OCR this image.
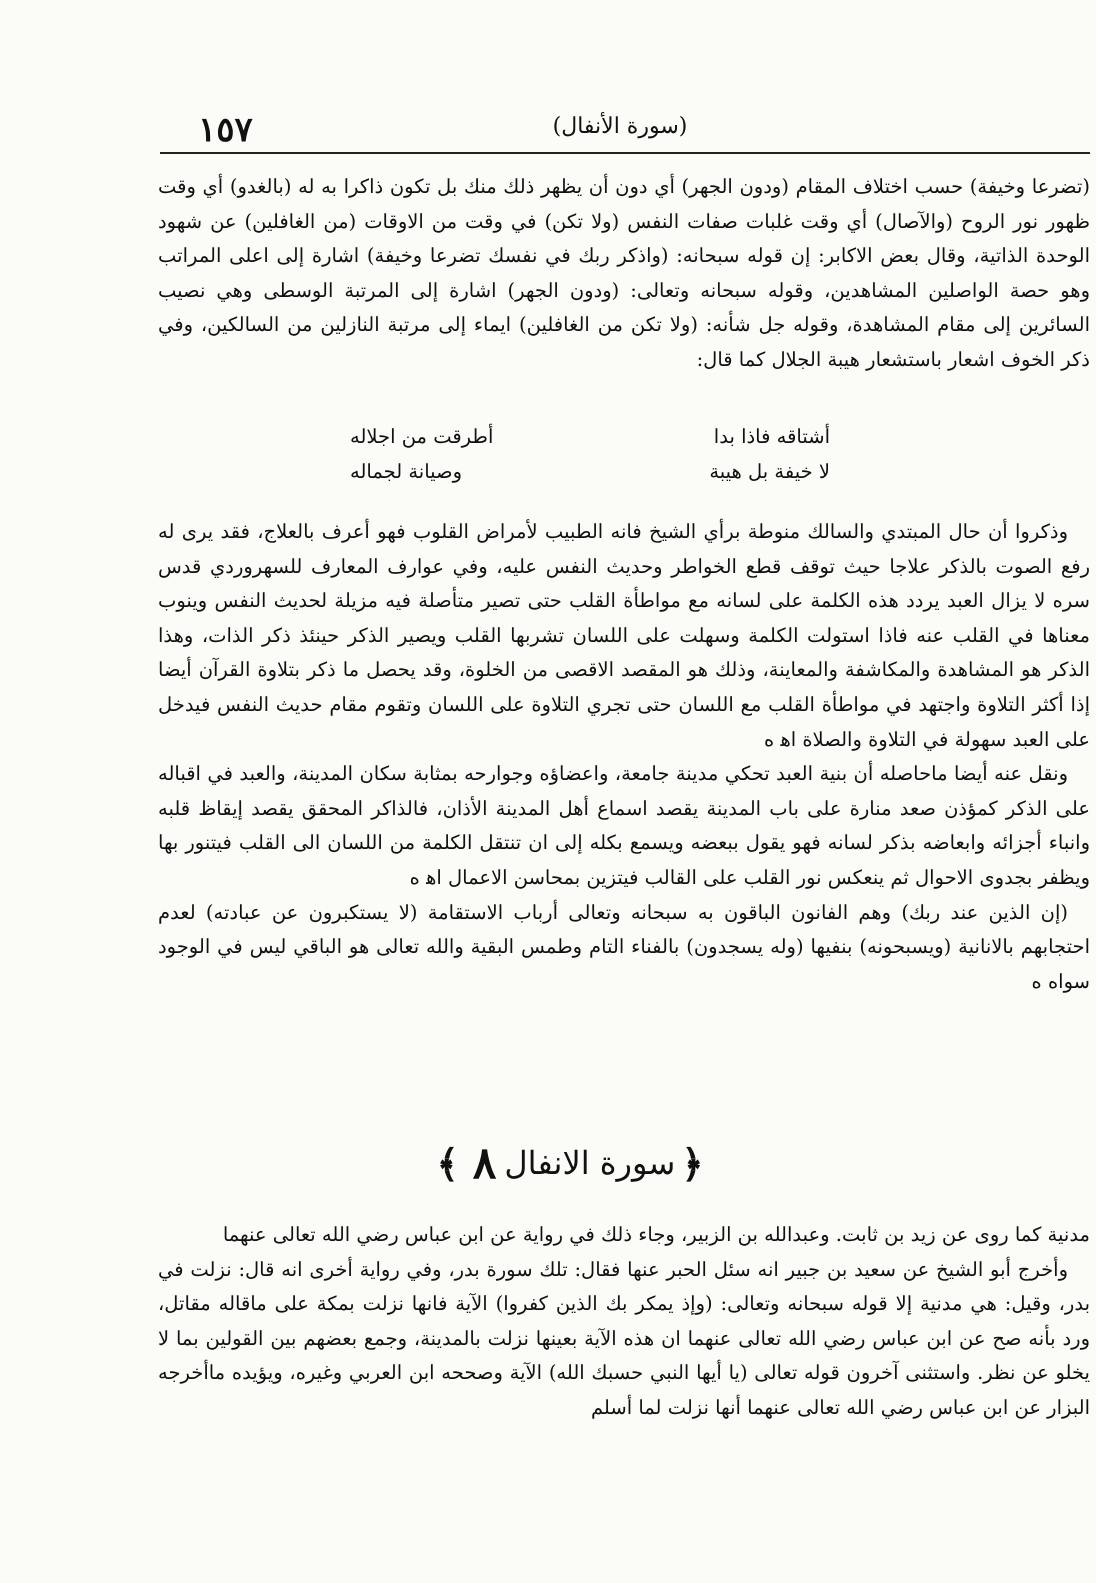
١٥٧	(سورة الأنفال)

(تضرعا وخيفة) حسب اختلاف المقام (ودون الجهر) أي دون أن يظهر ذلك منك بل تكون ذاكرا به له (بالغدو) أي وقت ظهور نور الروح (والآصال) أي وقت غلبات صفات النفس (ولا تكن) في وقت من الاوقات (من الغافلين) عن شهود الوحدة الذاتية، وقال بعض الاكابر: إن قوله سبحانه: (واذكر ربك في نفسك تضرعا وخيفة) اشارة إلى اعلى المراتب وهو حصة الواصلين المشاهدين، وقوله سبحانه وتعالى: (ودون الجهر) اشارة إلى المرتبة الوسطى وهي نصيب السائرين إلى مقام المشاهدة، وقوله جل شأنه: (ولا تكن من الغافلين) ايماء إلى مرتبة النازلين من السالكين، وفي ذكر الخوف اشعار باستشعار هيبة الجلال كما قال:

أشتاقه فاذا بدا
أطرقت من اجلاله
لا خيفة بل هيبة
وصيانة لجماله

وذكروا أن حال المبتدي والسالك منوطة برأي الشيخ فانه الطبيب لأمراض القلوب فهو أعرف بالعلاج، فقد يرى له رفع الصوت بالذكر علاجا حيث توقف قطع الخواطر وحديث النفس عليه، وفي عوارف المعارف للسهروردي قدس سره لا يزال العبد يردد هذه الكلمة على لسانه مع مواطأة القلب حتى تصير متأصلة فيه مزيلة لحديث النفس وينوب معناها في القلب عنه فاذا استولت الكلمة وسهلت على اللسان تشربها القلب ويصير الذكر حينئذ ذكر الذات، وهذا الذكر هو المشاهدة والمكاشفة والمعاينة، وذلك هو المقصد الاقصى من الخلوة، وقد يحصل ما ذكر بتلاوة القرآن أيضا إذا أكثر التلاوة واجتهد في مواطأة القلب مع اللسان حتى تجري التلاوة على اللسان وتقوم مقام حديث النفس فيدخل على العبد سهولة في التلاوة والصلاة اه‍ ه

ونقل عنه أيضا ماحاصله أن بنية العبد تحكي مدينة جامعة، واعضاؤه وجوارحه بمثابة سكان المدينة، والعبد في اقباله على الذكر كمؤذن صعد منارة على باب المدينة يقصد اسماع أهل المدينة الأذان، فالذاكر المحقق يقصد إيقاظ قلبه وانباء أجزائه وابعاضه بذكر لسانه فهو يقول ببعضه ويسمع بكله إلى ان تنتقل الكلمة من اللسان الى القلب فيتنور بها ويظفر بجدوى الاحوال ثم ينعكس نور القلب على القالب فيتزين بمحاسن الاعمال اه‍ ه

(إن الذين عند ربك) وهم الفانون الباقون به سبحانه وتعالى أرباب الاستقامة (لا يستكبرون عن عبادته) لعدم احتجابهم بالانانية (ويسبحونه) بنفيها (وله يسجدون) بالفناء التام وطمس البقية والله تعالى هو الباقي ليس في الوجود سواه ه

﴿
سورة الانفال
٨
﴾

مدنية كما روى عن زيد بن ثابت. وعبدالله بن الزبير، وجاء ذلك في رواية عن ابن عباس رضي الله تعالى عنهما

وأخرج أبو الشيخ عن سعيد بن جبير انه سئل الحبر عنها فقال: تلك سورة بدر، وفي رواية أخرى انه قال: نزلت في بدر، وقيل: هي مدنية إلا قوله سبحانه وتعالى: (وإذ يمكر بك الذين كفروا) الآية فانها نزلت بمكة على ماقاله مقاتل، ورد بأنه صح عن ابن عباس رضي الله تعالى عنهما ان هذه الآية بعينها نزلت بالمدينة، وجمع بعضهم بين القولين بما لا يخلو عن نظر. واستثنى آخرون قوله تعالى (يا أيها النبي حسبك الله) الآية وصححه ابن العربي وغيره، ويؤيده ماأخرجه البزار عن ابن عباس رضي الله تعالى عنهما أنها نزلت لما أسلم
